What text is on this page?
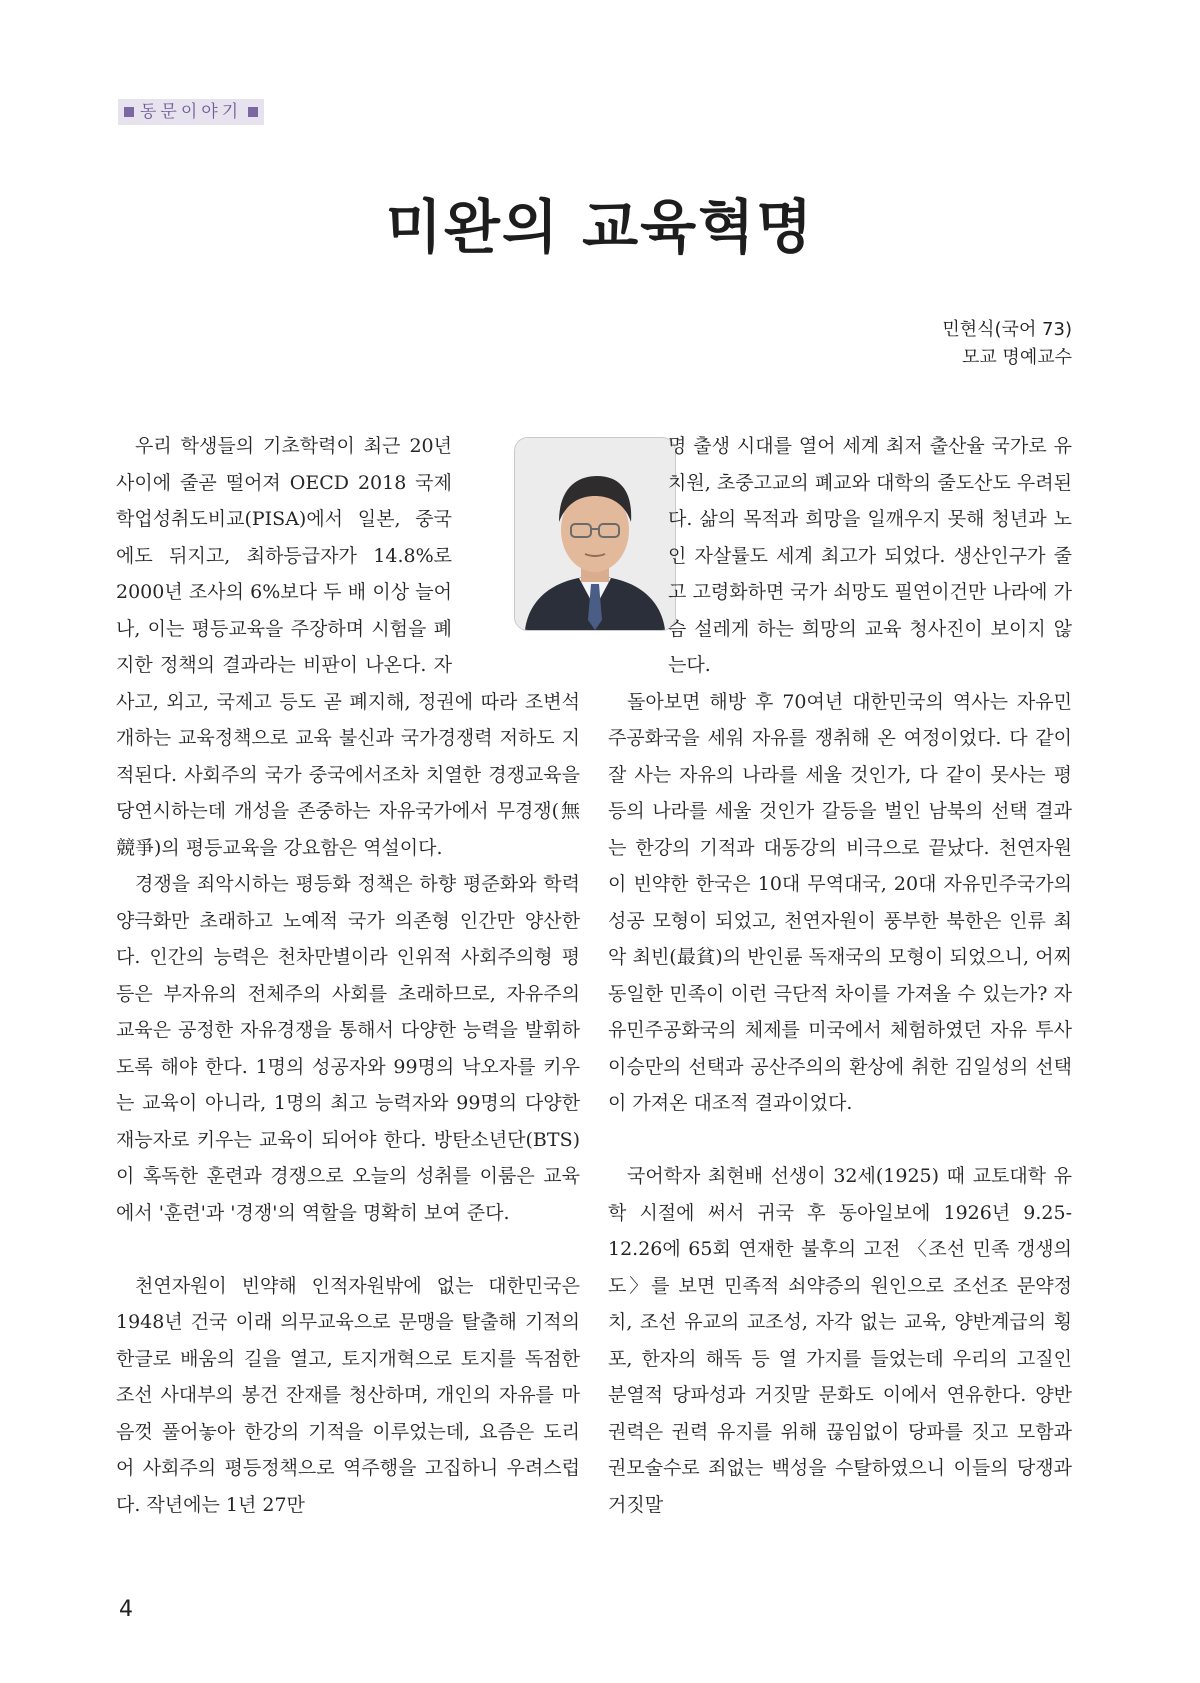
동문이야기
미완의 교육혁명
민현식(국어 73)
모교 명예교수

우리 학생들의 기초학력이 최근 20년 사이에 줄곧 떨어져 OECD 2018 국제학업성취도비교(PISA)에서 일본, 중국에도 뒤지고, 최하등급자가 14.8%로 2000년 조사의 6%보다 두 배 이상 늘어나, 이는 평등교육을 주장하며 시험을 폐지한 정책의 결과라는 비판이 나온다. 자사고, 외고, 국제고 등도 곧 폐지해, 정권에 따라 조변석개하는 교육정책으로 교육 불신과 국가경쟁력 저하도 지적된다. 사회주의 국가 중국에서조차 치열한 경쟁교육을 당연시하는데 개성을 존중하는 자유국가에서 무경쟁(無競爭)의 평등교육을 강요함은 역설이다.

경쟁을 죄악시하는 평등화 정책은 하향 평준화와 학력 양극화만 초래하고 노예적 국가 의존형 인간만 양산한다. 인간의 능력은 천차만별이라 인위적 사회주의형 평등은 부자유의 전체주의 사회를 초래하므로, 자유주의 교육은 공정한 자유경쟁을 통해서 다양한 능력을 발휘하도록 해야 한다. 1명의 성공자와 99명의 낙오자를 키우는 교육이 아니라, 1명의 최고 능력자와 99명의 다양한 재능자로 키우는 교육이 되어야 한다. 방탄소년단(BTS)이 혹독한 훈련과 경쟁으로 오늘의 성취를 이룸은 교육에서 '훈련'과 '경쟁'의 역할을 명확히 보여 준다.

천연자원이 빈약해 인적자원밖에 없는 대한민국은 1948년 건국 이래 의무교육으로 문맹을 탈출해 기적의 한글로 배움의 길을 열고, 토지개혁으로 토지를 독점한 조선 사대부의 봉건 잔재를 청산하며, 개인의 자유를 마음껏 풀어놓아 한강의 기적을 이루었는데, 요즘은 도리어 사회주의 평등정책으로 역주행을 고집하니 우려스럽다. 작년에는 1년 27만

명 출생 시대를 열어 세계 최저 출산율 국가로 유치원, 초중고교의 폐교와 대학의 줄도산도 우려된다. 삶의 목적과 희망을 일깨우지 못해 청년과 노인 자살률도 세계 최고가 되었다. 생산인구가 줄고 고령화하면 국가 쇠망도 필연이건만 나라에 가슴 설레게 하는 희망의 교육 청사진이 보이지 않는다.

돌아보면 해방 후 70여년 대한민국의 역사는 자유민주공화국을 세워 자유를 쟁취해 온 여정이었다. 다 같이 잘 사는 자유의 나라를 세울 것인가, 다 같이 못사는 평등의 나라를 세울 것인가 갈등을 벌인 남북의 선택 결과는 한강의 기적과 대동강의 비극으로 끝났다. 천연자원이 빈약한 한국은 10대 무역대국, 20대 자유민주국가의 성공 모형이 되었고, 천연자원이 풍부한 북한은 인류 최악 최빈(最貧)의 반인륜 독재국의 모형이 되었으니, 어찌 동일한 민족이 이런 극단적 차이를 가져올 수 있는가? 자유민주공화국의 체제를 미국에서 체험하였던 자유 투사 이승만의 선택과 공산주의의 환상에 취한 김일성의 선택이 가져온 대조적 결과이었다.

국어학자 최현배 선생이 32세(1925) 때 교토대학 유학 시절에 써서 귀국 후 동아일보에 1926년 9.25-12.26에 65회 연재한 불후의 고전 〈조선 민족 갱생의 도〉를 보면 민족적 쇠약증의 원인으로 조선조 문약정치, 조선 유교의 교조성, 자각 없는 교육, 양반계급의 횡포, 한자의 해독 등 열 가지를 들었는데 우리의 고질인 분열적 당파성과 거짓말 문화도 이에서 연유한다. 양반 권력은 권력 유지를 위해 끊임없이 당파를 짓고 모함과 권모술수로 죄없는 백성을 수탈하였으니 이들의 당쟁과 거짓말

4
